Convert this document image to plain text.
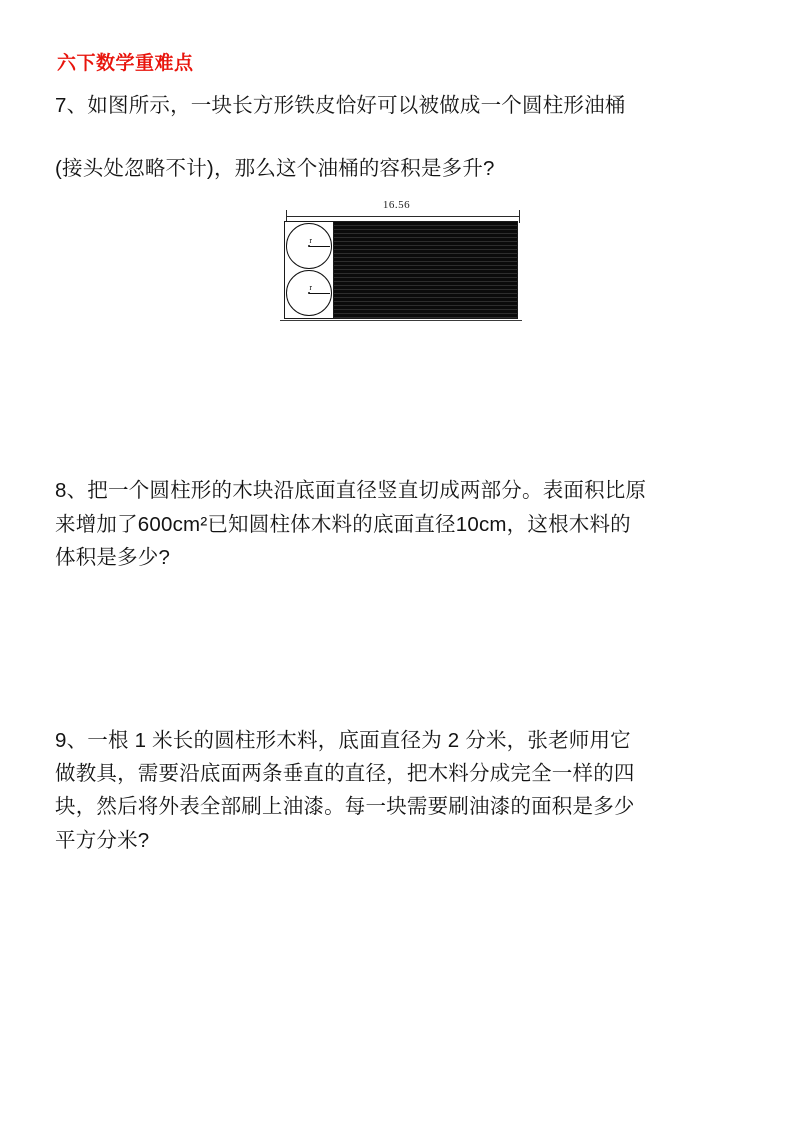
六下数学重难点
7、如图所示，一块长方形铁皮恰好可以被做成一个圆柱形油桶
(接头处忽略不计)，那么这个油桶的容积是多升?
16.56
r
r
8、把一个圆柱形的木块沿底面直径竖直切成两部分。表面积比原
来增加了600cm²已知圆柱体木料的底面直径10cm，这根木料的
体积是多少?
9、一根 1 米长的圆柱形木料，底面直径为 2 分米，张老师用它
做教具，需要沿底面两条垂直的直径，把木料分成完全一样的四
块，然后将外表全部刷上油漆。每一块需要刷油漆的面积是多少
平方分米?
